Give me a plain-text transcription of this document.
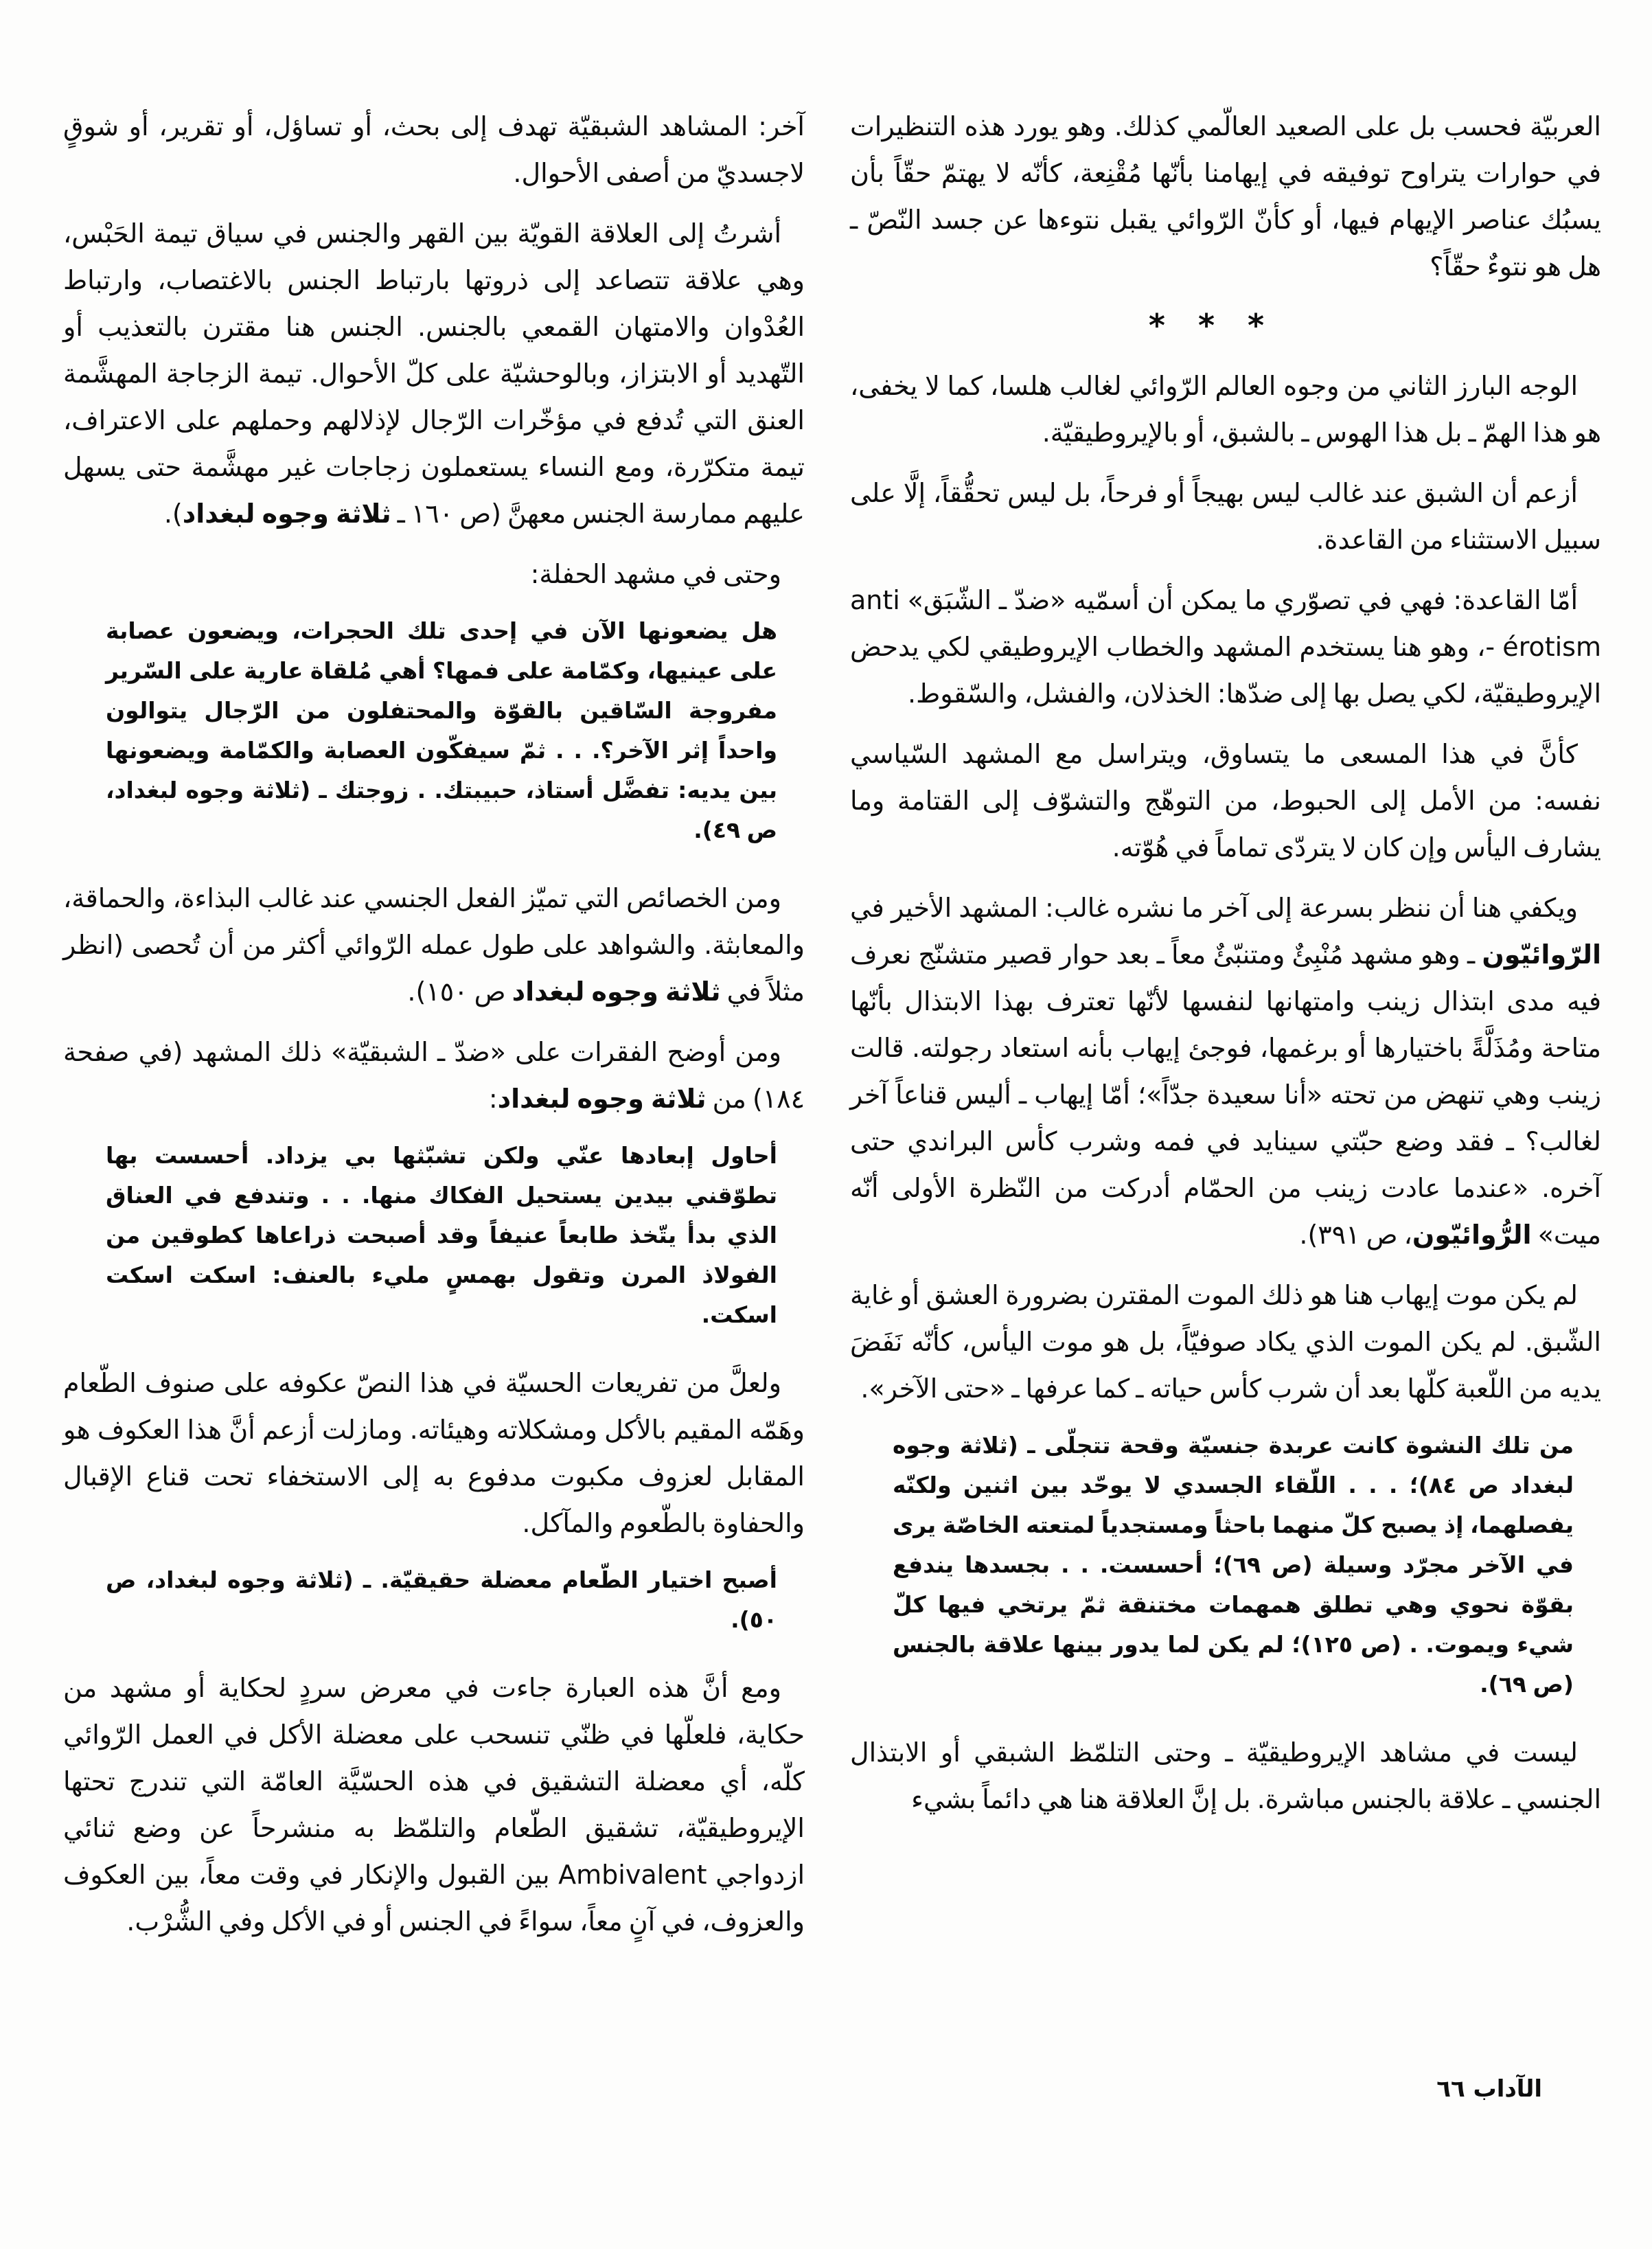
العربيّة فحسب بل على الصعيد العالّمي كذلك. وهو يورد هذه التنظيرات في حوارات يتراوح توفيقه في إيهامنا بأنّها مُقْنِعة، كأنّه لا يهتمّ حقّاً بأن يسبُك عناصر الإيهام فيها، أو كأنّ الرّوائي يقبل نتوءها عن جسد النّصّ ـ هل هو نتوءٌ حقّاً؟

* * *

الوجه البارز الثاني من وجوه العالم الرّوائي لغالب هلسا، كما لا يخفى، هو هذا الهمّ ـ بل هذا الهوس ـ بالشبق، أو بالإيروطيقيّة.

أزعم أن الشبق عند غالب ليس بهيجاً أو فرحاً، بل ليس تحقُّقاً، إلَّا على سبيل الاستثناء من القاعدة.

أمّا القاعدة: فهي في تصوّري ما يمكن أن أسمّيه «ضدّ ـ الشّبَق» anti - érotism، وهو هنا يستخدم المشهد والخطاب الإيروطيقي لكي يدحض الإيروطيقيّة، لكي يصل بها إلى ضدّها: الخذلان، والفشل، والسّقوط.

كأنَّ في هذا المسعى ما يتساوق، ويتراسل مع المشهد السّياسي نفسه: من الأمل إلى الحبوط، من التوهّج والتشوّف إلى القتامة وما يشارف اليأس وإن كان لا يتردّى تماماً في هُوّته.

ويكفي هنا أن ننظر بسرعة إلى آخر ما نشره غالب: المشهد الأخير في الرّوائيّون ـ وهو مشهد مُنْبِئٌ ومتنبّئٌ معاً ـ بعد حوار قصير متشنّج نعرف فيه مدى ابتذال زينب وامتهانها لنفسها لأنّها تعترف بهذا الابتذال بأنّها متاحة ومُذَلَّةً باختيارها أو برغمها، فوجئ إيهاب بأنه استعاد رجولته. قالت زينب وهي تنهض من تحته «أنا سعيدة جدّاً»؛ أمّا إيهاب ـ أليس قناعاً آخر لغالب؟ ـ فقد وضع حبّتي سينايد في فمه وشرب كأس البراندي حتى آخره. «عندما عادت زينب من الحمّام أدركت من النّظرة الأولى أنّه ميت» الرُّوائيّون، ص ٣٩١).

لم يكن موت إيهاب هنا هو ذلك الموت المقترن بضرورة العشق أو غاية الشّبق. لم يكن الموت الذي يكاد صوفيّاً، بل هو موت اليأس، كأنّه نَفَضَ يديه من اللّعبة كلّها بعد أن شرب كأس حياته ـ كما عرفها ـ «حتى الآخر».

من تلك النشوة كانت عربدة جنسيّة وقحة تتجلّى ـ (ثلاثة وجوه لبغداد ص ٨٤)؛ . . . اللّقاء الجسدي لا يوحّد بين اثنين ولكنّه يفصلهما، إذ يصبح كلّ منهما باحثاً ومستجدياً لمتعته الخاصّة يرى في الآخر مجرّد وسيلة (ص ٦٩)؛ أحسست. . . بجسدها يندفع بقوّة نحوي وهي تطلق همهمات مختنقة ثمّ يرتخي فيها كلّ شيء ويموت. . (ص ١٢٥)؛ لم يكن لما يدور بينها علاقة بالجنس (ص ٦٩).

ليست في مشاهد الإيروطيقيّة ـ وحتى التلمّظ الشبقي أو الابتذال الجنسي ـ علاقة بالجنس مباشرة. بل إنَّ العلاقة هنا هي دائماً بشيء

آخر: المشاهد الشبقيّة تهدف إلى بحث، أو تساؤل، أو تقرير، أو شوقٍ لاجسديّ من أصفى الأحوال.

أشرتُ إلى العلاقة القويّة بين القهر والجنس في سياق تيمة الحَبْس، وهي علاقة تتصاعد إلى ذروتها بارتباط الجنس بالاغتصاب، وارتباط العُدْوان والامتهان القمعي بالجنس. الجنس هنا مقترن بالتعذيب أو التّهديد أو الابتزاز، وبالوحشيّة على كلّ الأحوال. تيمة الزجاجة المهشَّمة العنق التي تُدفع في مؤخّرات الرّجال لإذلالهم وحملهم على الاعتراف، تيمة متكرّرة، ومع النساء يستعملون زجاجات غير مهشَّمة حتى يسهل عليهم ممارسة الجنس معهنَّ (ص ١٦٠ ـ ثلاثة وجوه لبغداد).

وحتى في مشهد الحفلة:

هل يضعونها الآن في إحدى تلك الحجرات، ويضعون عصابة على عينيها، وكمّامة على فمها؟ أهي مُلقاة عارية على السّرير مفروجة السّاقين بالقوّة والمحتفلون من الرّجال يتوالون واحداً إثر الآخر؟. . . ثمّ سيفكّون العصابة والكمّامة ويضعونها بين يديه: تفضَّل أستاذ، حبيبتك. . زوجتك ـ (ثلاثة وجوه لبغداد، ص ٤٩).

ومن الخصائص التي تميّز الفعل الجنسي عند غالب البذاءة، والحماقة، والمعابثة. والشواهد على طول عمله الرّوائي أكثر من أن تُحصى (انظر مثلاً في ثلاثة وجوه لبغداد ص ١٥٠).

ومن أوضح الفقرات على «ضدّ ـ الشبقيّة» ذلك المشهد (في صفحة ١٨٤) من ثلاثة وجوه لبغداد:

أحاول إبعادها عنّي ولكن تشبّثها بي يزداد. أحسست بها تطوّقني بيدين يستحيل الفكاك منها. . . وتندفع في العناق الذي بدأ يتّخذ طابعاً عنيفاً وقد أصبحت ذراعاها كطوقين من الفولاذ المرن وتقول بهمسٍ مليء بالعنف: اسكت اسكت اسكت.

ولعلَّ من تفريعات الحسيّة في هذا النصّ عكوفه على صنوف الطّعام وهَمّه المقيم بالأكل ومشكلاته وهيئاته. ومازلت أزعم أنَّ هذا العكوف هو المقابل لعزوف مكبوت مدفوع به إلى الاستخفاء تحت قناع الإقبال والحفاوة بالطّعوم والمآكل.

أصبح اختيار الطّعام معضلة حقيقيّة. ـ (ثلاثة وجوه لبغداد، ص ٥٠).

ومع أنَّ هذه العبارة جاءت في معرض سردٍ لحكاية أو مشهد من حكاية، فلعلّها في ظنّي تنسحب على معضلة الأكل في العمل الرّوائي كلّه، أي معضلة التشقيق في هذه الحسّيَّة العامّة التي تندرج تحتها الإيروطيقيّة، تشقيق الطّعام والتلمّظ به منشرحاً عن وضع ثنائي ازدواجي Ambivalent بين القبول والإنكار في وقت معاً، بين العكوف والعزوف، في آنٍ معاً، سواءً في الجنس أو في الأكل وفي الشُّرْب.

الآداب ٦٦
